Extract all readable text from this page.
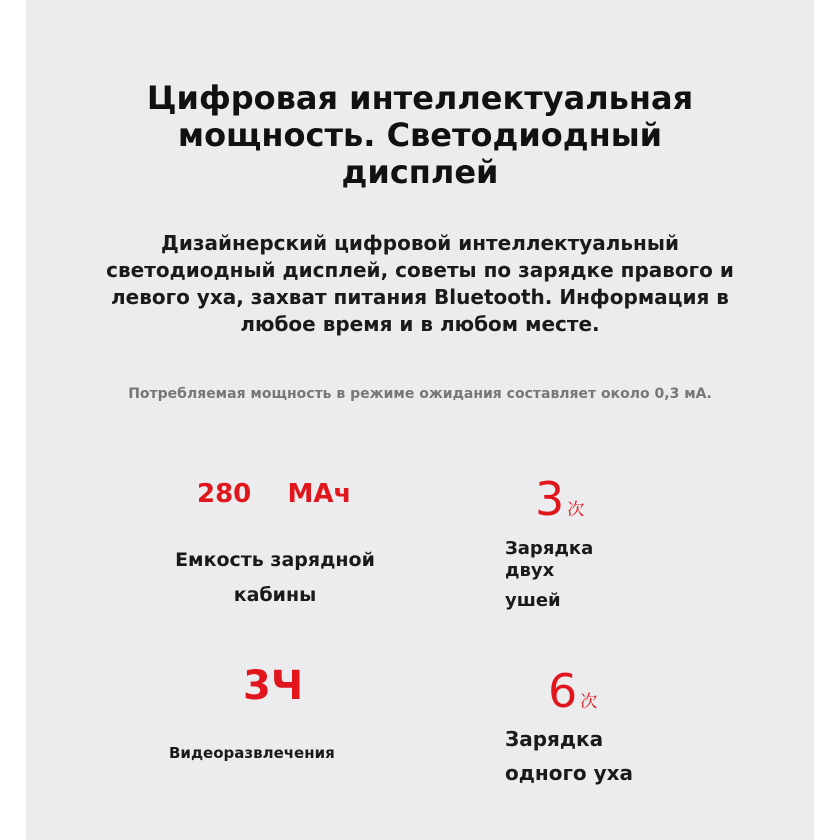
Цифровая интеллектуальная
мощность. Светодиодный
дисплей

Дизайнерский цифровой интеллектуальный
светодиодный дисплей, советы по зарядке правого и
левого уха, захват питания Bluetooth. Информация в
любое время и в любом месте.

Потребляемая мощность в режиме ожидания составляет около 0,3 мА.

280    МАч
Емкость зарядной
кабины
3 次
Зарядка
двух
ушей
3Ч
Видеоразвлечения
6 次
Зарядка
одного уха
